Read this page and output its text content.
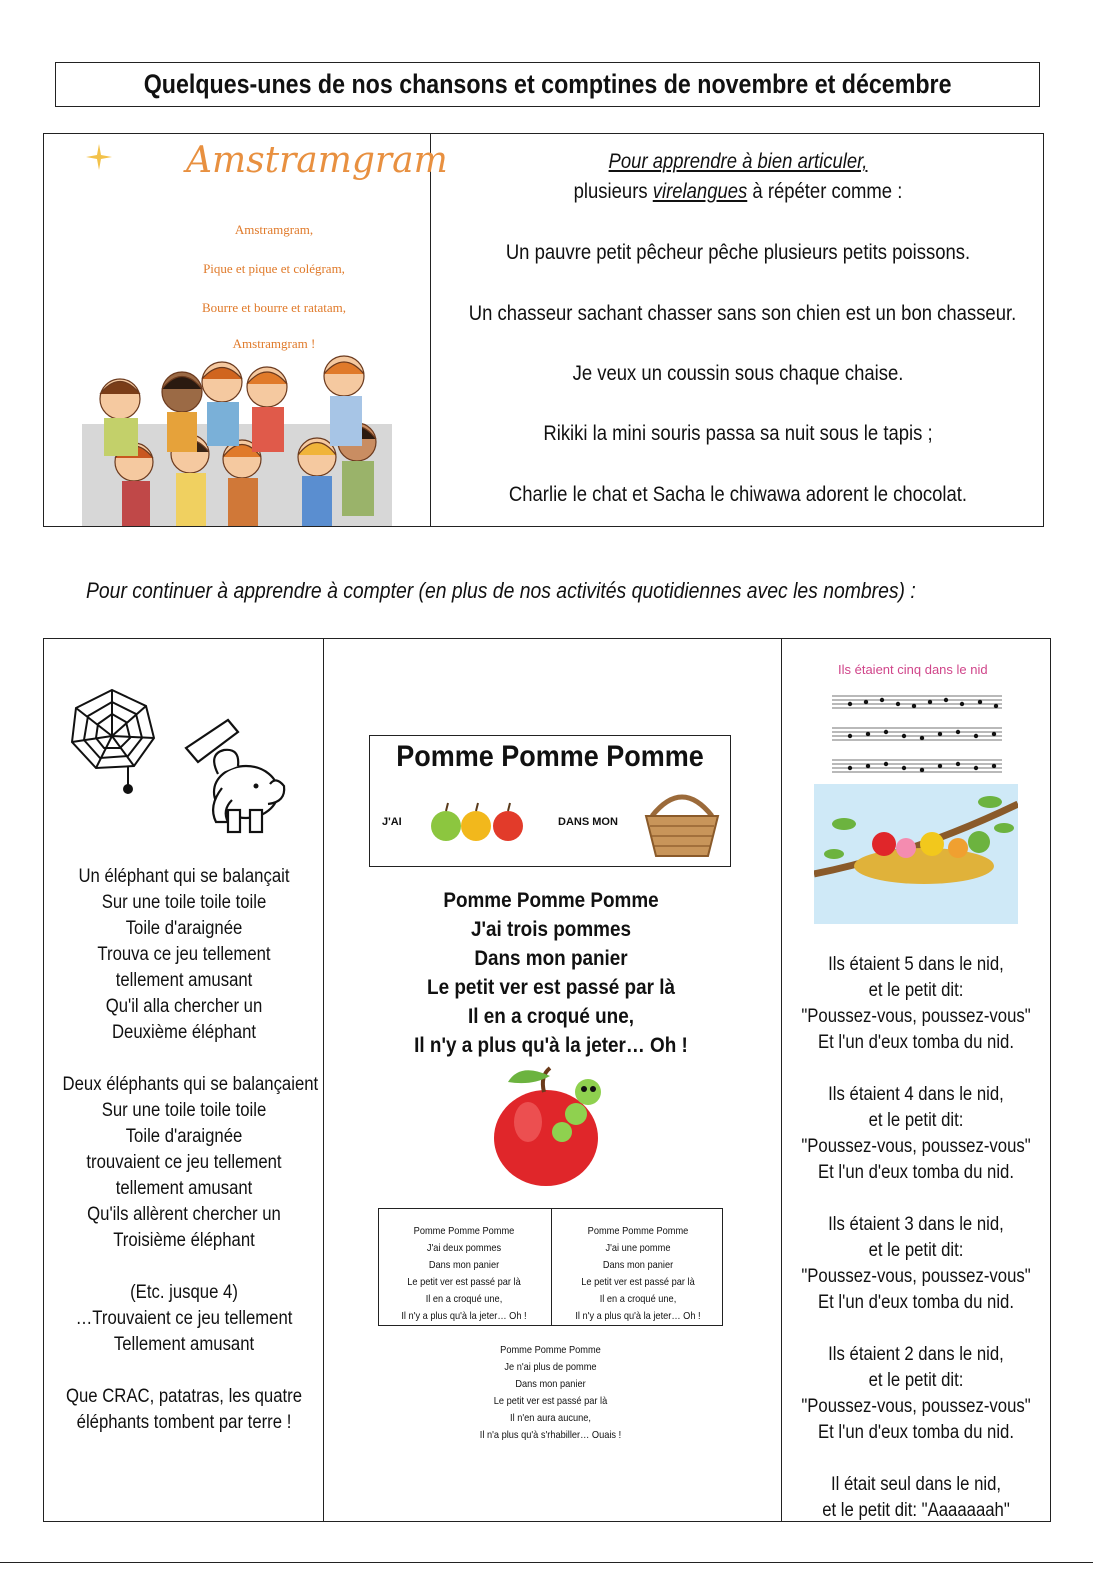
Quelques-unes de nos chansons et comptines de novembre et décembre
Amstramgram
Amstramgram,
Pique et pique et colégram,
Bourre et bourre et ratatam,
Amstramgram !
Pour apprendre à bien articuler,
plusieurs virelangues à répéter comme :
Un pauvre petit pêcheur pêche plusieurs petits poissons.
Un chasseur sachant chasser sans son chien est un bon chasseur.
Je veux un coussin sous chaque chaise.
Rikiki la mini souris passa sa nuit sous le tapis ;
Charlie le chat et Sacha le chiwawa adorent le chocolat.
Pour continuer à apprendre à compter (en plus de nos activités quotidiennes avec les nombres) :
Un éléphant qui se balançait
Sur une toile toile toile
Toile d'araignée
Trouva ce jeu tellement
tellement amusant
Qu'il alla chercher un
Deuxième éléphant

Deux éléphants qui se balançaient
Sur une toile toile toile
Toile d'araignée
trouvaient ce jeu tellement
tellement amusant
Qu'ils allèrent chercher un
Troisième éléphant

(Etc. jusque 4)
…Trouvaient ce jeu tellement
Tellement amusant

Que CRAC, patatras, les quatre
éléphants tombent par terre !
Pomme Pomme Pomme
J'AI	DANS MON
Pomme Pomme Pomme
J'ai trois pommes
Dans mon panier
Le petit ver est passé par là
Il en a croqué une,
Il n'y a plus qu'à la jeter… Oh !
Pomme Pomme Pomme
J'ai deux pommes
Dans mon panier
Le petit ver est passé par là
Il en a croqué une,
Il n'y a plus qu'à la jeter… Oh !
Pomme Pomme Pomme
J'ai une pomme
Dans mon panier
Le petit ver est passé par là
Il en a croqué une,
Il n'y a plus qu'à la jeter… Oh !
Pomme Pomme Pomme
Je n'ai plus de pomme
Dans mon panier
Le petit ver est passé par là
Il n'en aura aucune,
Il n'a plus qu'à s'rhabiller… Ouais !
Ils étaient cinq dans le nid
Ils étaient 5 dans le nid,
et le petit dit:
"Poussez-vous, poussez-vous"
Et l'un d'eux tomba du nid.

Ils étaient 4 dans le nid,
et le petit dit:
"Poussez-vous, poussez-vous"
Et l'un d'eux tomba du nid.

Ils étaient 3 dans le nid,
et le petit dit:
"Poussez-vous, poussez-vous"
Et l'un d'eux tomba du nid.

Ils étaient 2 dans le nid,
et le petit dit:
"Poussez-vous, poussez-vous"
Et l'un d'eux tomba du nid.

Il était seul dans le nid,
et le petit dit: "Aaaaaaah"
